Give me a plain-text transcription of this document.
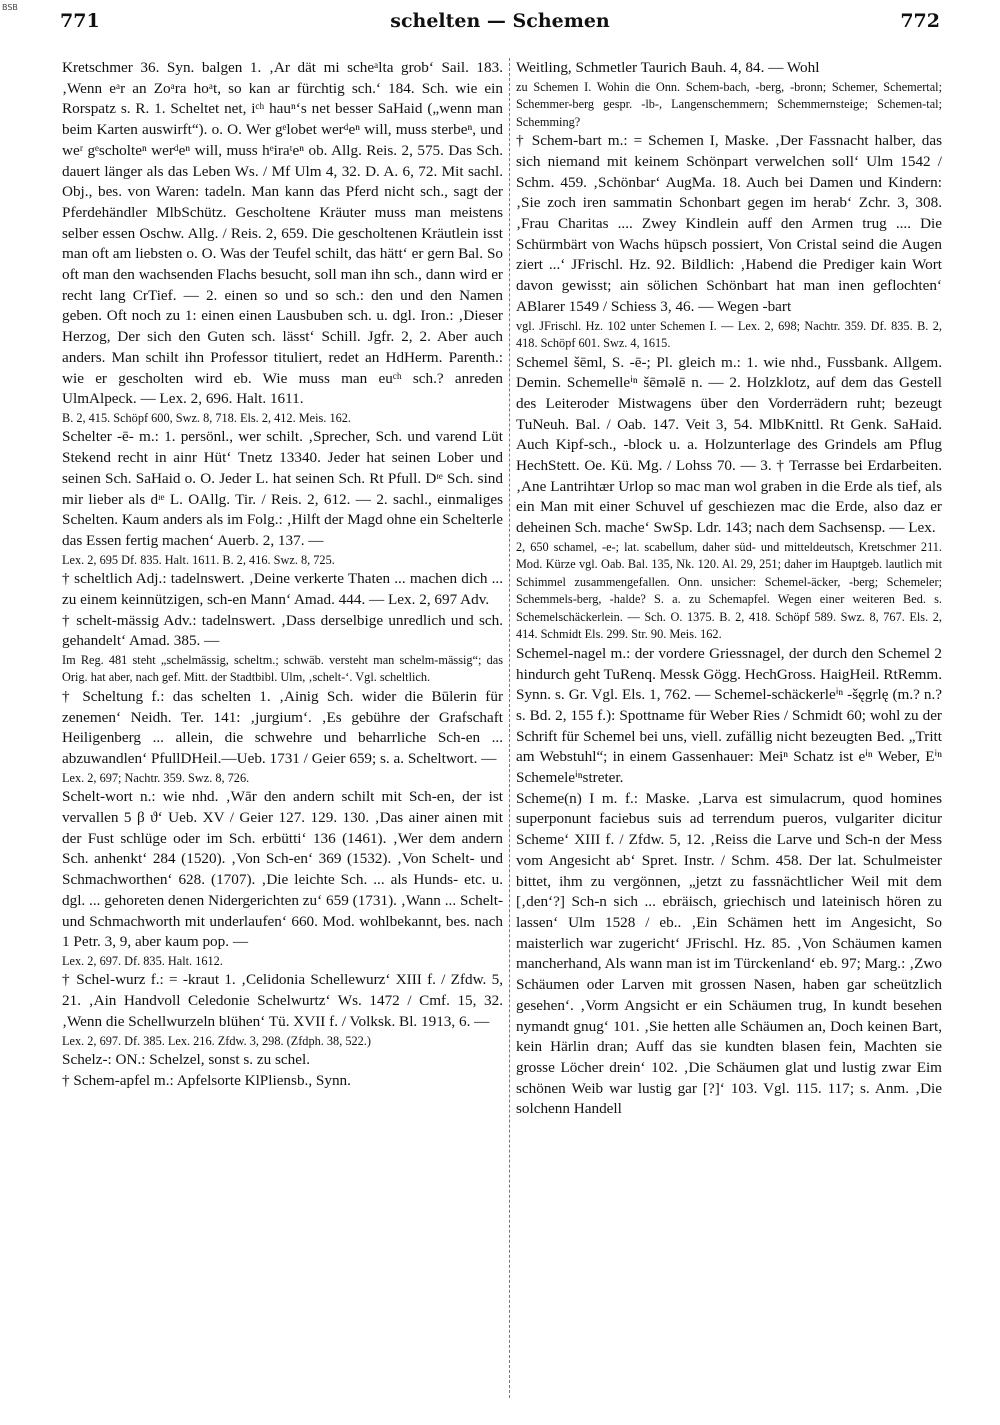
BSB
771	schelten — Schemen	772

Kretschmer 36. Syn. balgen 1. ‚Ar dät mi scheᵃlta grob‘ Sail. 183. ‚Wenn eᵃr an Zoᵃra hoᵃt, so kan ar fürchtig sch.‘ 184. Sch. wie ein Rorspatz s. R. 1. Scheltet net, iᶜʰ hauⁿ‘s net besser SaHaid („wenn man beim Karten auswirft“). o. O. Wer gᵉlobet werᵈeⁿ will, muss sterbeⁿ, und weʳ gᵉscholteⁿ werᵈeⁿ will, muss hᵉiraᵗeⁿ ob. Allg. Reis. 2, 575. Das Sch. dauert länger als das Leben Ws. / Mf Ulm 4, 32. D. A. 6, 72. Mit sachl. Obj., bes. von Waren: tadeln. Man kann das Pferd nicht sch., sagt der Pferdehändler MlbSchütz. Gescholtene Kräuter muss man meistens selber essen Oschw. Allg. / Reis. 2, 659. Die gescholtenen Kräutlein isst man oft am liebsten o. O. Was der Teufel schilt, das hätt‘ er gern Bal. So oft man den wachsenden Flachs besucht, soll man ihn sch., dann wird er recht lang CrTief. — 2. einen so und so sch.: den und den Namen geben. Oft noch zu 1: einen einen Lausbuben sch. u. dgl. Iron.: ‚Dieser Herzog, Der sich den Guten sch. lässt‘ Schill. Jgfr. 2, 2. Aber auch anders. Man schilt ihn Professor tituliert, redet an HdHerm. Parenth.: wie er gescholten wird eb. Wie muss man euᶜʰ sch.? anreden UlmAlpeck. — Lex. 2, 696. Halt. 1611.

B. 2, 415. Schöpf 600, Swz. 8, 718. Els. 2, 412. Meis. 162.

Schelter -ē- m.: 1. persönl., wer schilt. ‚Sprecher, Sch. und varend Lüt Stekend recht in ainr Hüt‘ Tnetz 13340. Jeder hat seinen Lober und seinen Sch. SaHaid o. O. Jeder L. hat seinen Sch. Rt Pfull. Dᶦᵉ Sch. sind mir lieber als dᶦᵉ L. OAllg. Tir. / Reis. 2, 612. — 2. sachl., einmaliges Schelten. Kaum anders als im Folg.: ‚Hilft der Magd ohne ein Schelterle das Essen fertig machen‘ Auerb. 2, 137. —

Lex. 2, 695 Df. 835. Halt. 1611. B. 2, 416. Swz. 8, 725.

† scheltlich Adj.: tadelnswert. ‚Deine verkerte Thaten ... machen dich ... zu einem keinnützigen, sch-en Mann‘ Amad. 444. — Lex. 2, 697 Adv.

† schelt-mässig Adv.: tadelnswert. ‚Dass derselbige unredlich und sch. gehandelt‘ Amad. 385. —

Im Reg. 481 steht „schelmässig, scheltm.; schwäb. versteht man schelm-mässig“; das Orig. hat aber, nach gef. Mitt. der Stadtbibl. Ulm, ‚schelt-‘. Vgl. scheltlich.

† Scheltung f.: das schelten 1. ‚Ainig Sch. wider die Būlerin für zenemen‘ Neidh. Ter. 141: ‚jurgium‘. ‚Es gebühre der Grafschaft Heiligenberg ... allein, die schwehre und beharrliche Sch-en ... abzuwandlen‘ PfullDHeil.—Ueb. 1731 / Geier 659; s. a. Scheltwort. —

Lex. 2, 697; Nachtr. 359. Swz. 8, 726.

Schelt-wort n.: wie nhd. ‚Wār den andern schilt mit Sch-en, der ist vervallen 5 β ϑ‘ Ueb. XV / Geier 127. 129. 130. ‚Das ainer ainen mit der Fust schlüge oder im Sch. erbütti‘ 136 (1461). ‚Wer dem andern Sch. anhenkt‘ 284 (1520). ‚Von Sch-en‘ 369 (1532). ‚Von Schelt- und Schmachworthen‘ 628. (1707). ‚Die leichte Sch. ... als Hunds- etc. u. dgl. ... gehoreten denen Nidergerichten zu‘ 659 (1731). ‚Wann ... Schelt- und Schmachworth mit underlaufen‘ 660. Mod. wohlbekannt, bes. nach 1 Petr. 3, 9, aber kaum pop. —

Lex. 2, 697. Df. 835. Halt. 1612.

† Schel-wurz f.: = -kraut 1. ‚Celidonia Schellewurz‘ XIII f. / Zfdw. 5, 21. ‚Ain Handvoll Celedonie Schelwurtz‘ Ws. 1472 / Cmf. 15, 32. ‚Wenn die Schellwurzeln blühen‘ Tü. XVII f. / Volksk. Bl. 1913, 6. —

Lex. 2, 697. Df. 385. Lex. 216. Zfdw. 3, 298. (Zfdph. 38, 522.)

Schelz-: ON.: Schelzel, sonst s. zu schel.

† Schem-apfel m.: Apfelsorte KlPliensb., Synn.

Weitling, Schmetler Taurich Bauh. 4, 84. — Wohl

zu Schemen I. Wohin die Onn. Schem-bach, -berg, -bronn; Schemer, Schemertal; Schemmer-berg gespr. -lb-, Langenschemmern; Schemmernsteige; Schemen-tal; Schemming?

† Schem-bart m.: = Schemen I, Maske. ‚Der Fassnacht halber, das sich niemand mit keinem Schönpart verwelchen soll‘ Ulm 1542 / Schm. 459. ‚Schönbar‘ AugMa. 18. Auch bei Damen und Kindern: ‚Sie zoch iren sammatin Schonbart gegen im herab‘ Zchr. 3, 308. ‚Frau Charitas .... Zwey Kindlein auff den Armen trug .... Die Schürmbärt von Wachs hüpsch possiert, Von Cristal seind die Augen ziert ...‘ JFrischl. Hz. 92. Bildlich: ‚Habend die Prediger kain Wort davon gewisst; ain sölichen Schönbart hat man inen geflochten‘ ABlarer 1549 / Schiess 3, 46. — Wegen -bart

vgl. JFrischl. Hz. 102 unter Schemen I. — Lex. 2, 698; Nachtr. 359. Df. 835. B. 2, 418. Schöpf 601. Swz. 4, 1615.

Schemel šēml, S. -ē-; Pl. gleich m.: 1. wie nhd., Fussbank. Allgem. Demin. Schemelleⁱⁿ šēmǝlē n. — 2. Holzklotz, auf dem das Gestell des Leiteroder Mistwagens über den Vorderrädern ruht; bezeugt TuNeuh. Bal. / Oab. 147. Veit 3, 54. MlbKnittl. Rt Genk. SaHaid. Auch Kipf-sch., -block u. a. Holzunterlage des Grindels am Pflug HechStett. Oe. Kü. Mg. / Lohss 70. — 3. † Terrasse bei Erdarbeiten. ‚Ane Lantrihtær Urlop so mac man wol graben in die Erde als tief, als ein Man mit einer Schuvel uf geschiezen mac die Erde, also daz er deheinen Sch. mache‘ SwSp. Ldr. 143; nach dem Sachsensp. — Lex.

2, 650 schamel, -e-; lat. scabellum, daher süd- und mitteldeutsch, Kretschmer 211. Mod. Kürze vgl. Oab. Bal. 135, Nk. 120. Al. 29, 251; daher im Hauptgeb. lautlich mit Schimmel zusammengefallen. Onn. unsicher: Schemel-äcker, -berg; Schemeler; Schemmels-berg, -halde? S. a. zu Schemapfel. Wegen einer weiteren Bed. s. Schemelschäckerlein. — Sch. O. 1375. B. 2, 418. Schöpf 589. Swz. 8, 767. Els. 2, 414. Schmidt Els. 299. Str. 90. Meis. 162.

Schemel-nagel m.: der vordere Griessnagel, der durch den Schemel 2 hindurch geht TuRenq. Messk Gögg. HechGross. HaigHeil. RtRemm. Synn. s. Gr. Vgl. Els. 1, 762. — Schemel-schäckerleⁱⁿ -šęgrlę (m.? n.? s. Bd. 2, 155 f.): Spottname für Weber Ries / Schmidt 60; wohl zu der Schrift für Schemel bei uns, viell. zufällig nicht bezeugten Bed. „Tritt am Webstuhl“; in einem Gassenhauer: Meiⁿ Schatz ist eⁱⁿ Weber, Eⁱⁿ Schemeleⁱⁿstreter.

Scheme(n) I m. f.: Maske. ‚Larva est simulacrum, quod homines superponunt faciebus suis ad terrendum pueros, vulgariter dicitur Scheme‘ XIII f. / Zfdw. 5, 12. ‚Reiss die Larve und Sch-n der Mess vom Angesicht ab‘ Spret. Instr. / Schm. 458. Der lat. Schulmeister bittet, ihm zu vergönnen, „jetzt zu fassnächtlicher Weil mit dem [‚den‘?] Sch-n sich ... ebräisch, griechisch und lateinisch hören zu lassen‘ Ulm 1528 / eb.. ‚Ein Schämen hett im Angesicht, So maisterlich war zugericht‘ JFrischl. Hz. 85. ‚Von Schäumen kamen mancherhand, Als wann man ist im Türckenland‘ eb. 97; Marg.: ‚Zwo Schäumen oder Larven mit grossen Nasen, haben gar scheützlich gesehen‘. ‚Vorm Angsicht er ein Schäumen trug, In kundt besehen nymandt gnug‘ 101. ‚Sie hetten alle Schäumen an, Doch keinen Bart, kein Härlin dran; Auff das sie kundten blasen fein, Machten sie grosse Löcher drein‘ 102. ‚Die Schäumen glat und lustig zwar Eim schönen Weib war lustig gar [?]‘ 103. Vgl. 115. 117; s. Anm. ‚Die solchenn Handell
